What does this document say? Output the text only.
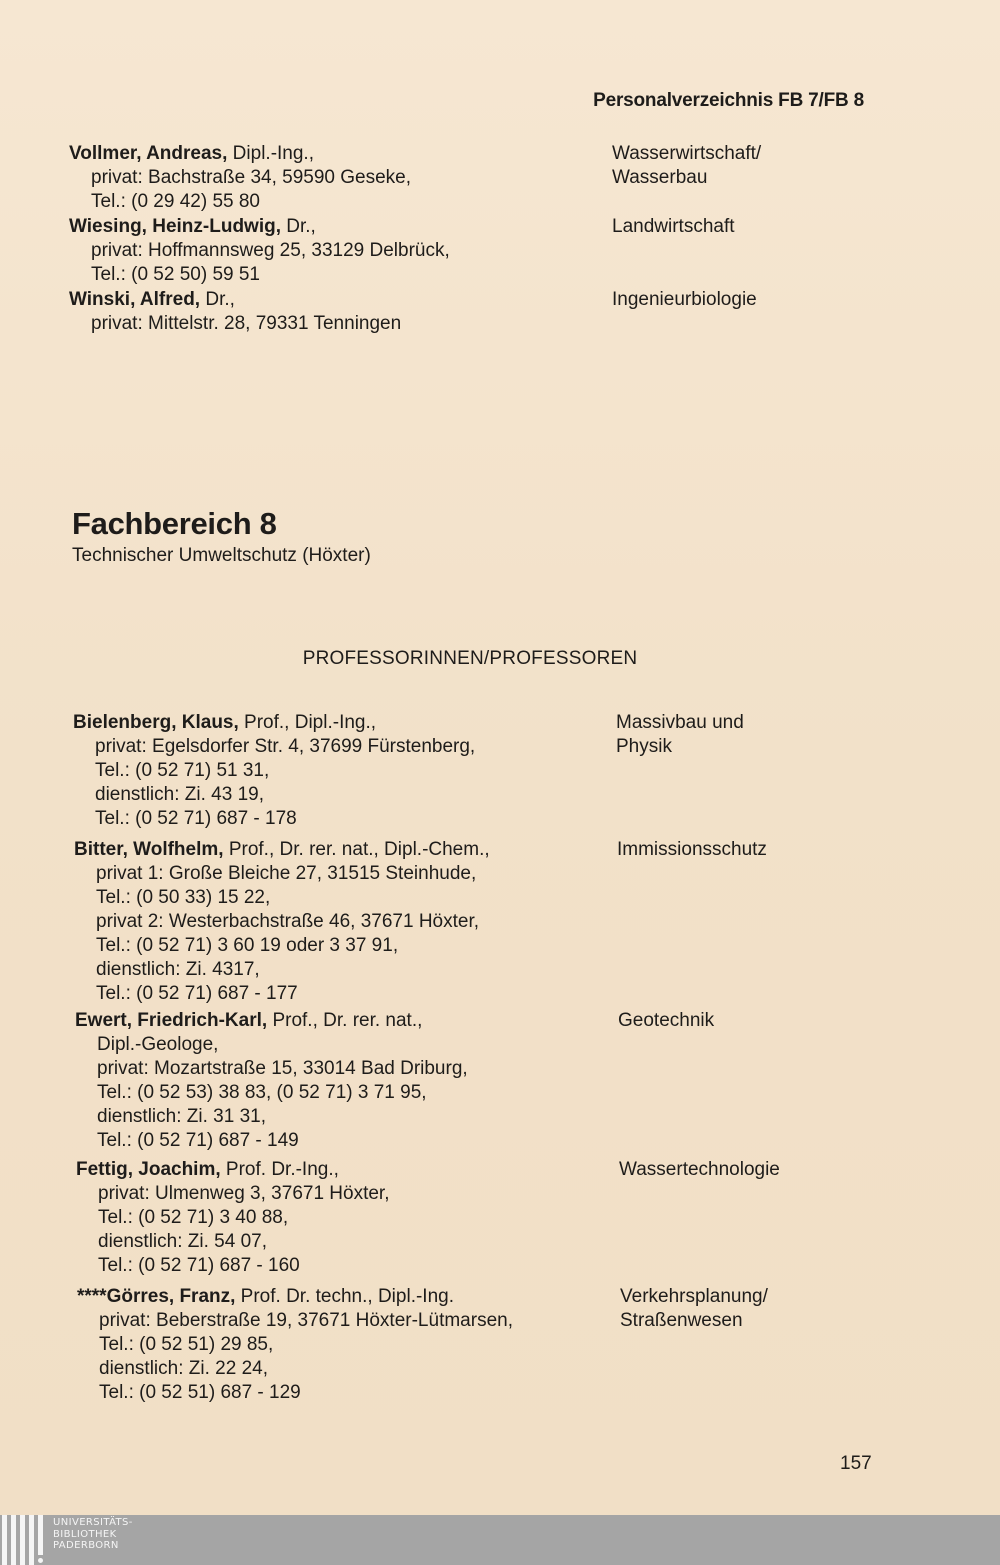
Personalverzeichnis FB 7/FB 8
Vollmer, Andreas, Dipl.-Ing.,
privat: Bachstraße 34, 59590 Geseke,
Tel.: (0 29 42) 55 80
Wasserwirtschaft/
Wasserbau
Wiesing, Heinz-Ludwig, Dr.,
privat: Hoffmannsweg 25, 33129 Delbrück,
Tel.: (0 52 50) 59 51
Landwirtschaft
Winski, Alfred, Dr.,
privat: Mittelstr. 28, 79331 Tenningen
Ingenieurbiologie
Fachbereich 8
Technischer Umweltschutz (Höxter)
PROFESSORINNEN/PROFESSOREN
Bielenberg, Klaus, Prof., Dipl.-Ing.,
privat: Egelsdorfer Str. 4, 37699 Fürstenberg,
Tel.: (0 52 71) 51 31,
dienstlich: Zi. 43 19,
Tel.: (0 52 71) 687 - 178
Massivbau und
Physik
Bitter, Wolfhelm, Prof., Dr. rer. nat., Dipl.-Chem.,
privat 1: Große Bleiche 27, 31515 Steinhude,
Tel.: (0 50 33) 15 22,
privat 2: Westerbachstraße 46, 37671 Höxter,
Tel.: (0 52 71) 3 60 19 oder 3 37 91,
dienstlich: Zi. 4317,
Tel.: (0 52 71) 687 - 177
Immissionsschutz
Ewert, Friedrich-Karl, Prof., Dr. rer. nat.,
Dipl.-Geologe,
privat: Mozartstraße 15, 33014 Bad Driburg,
Tel.: (0 52 53) 38 83, (0 52 71) 3 71 95,
dienstlich: Zi. 31 31,
Tel.: (0 52 71) 687 - 149
Geotechnik
Fettig, Joachim, Prof. Dr.-Ing.,
privat: Ulmenweg 3, 37671 Höxter,
Tel.: (0 52 71) 3 40 88,
dienstlich: Zi. 54 07,
Tel.: (0 52 71) 687 - 160
Wassertechnologie
****Görres, Franz, Prof. Dr. techn., Dipl.-Ing.
privat: Beberstraße 19, 37671 Höxter-Lütmarsen,
Tel.: (0 52 51) 29 85,
dienstlich: Zi. 22 24,
Tel.: (0 52 51) 687 - 129
Verkehrsplanung/
Straßenwesen
157
UNIVERSITÄTS-
BIBLIOTHEK
PADERBORN
